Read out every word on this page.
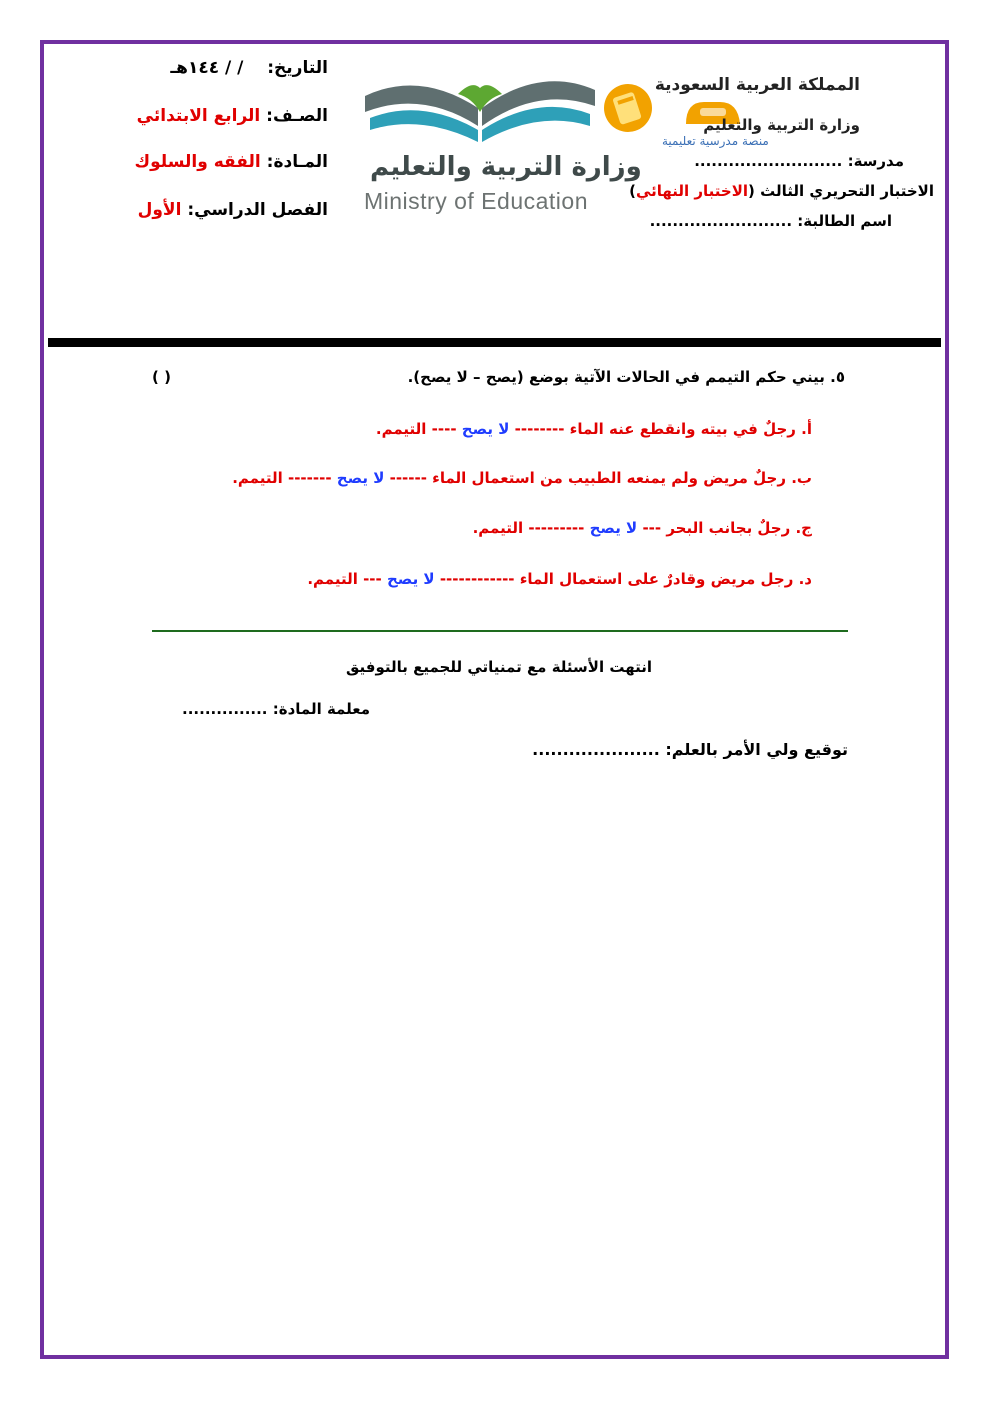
التاريخ:  / / ١٤٤هـ
الصـف: الرابع الابتدائي
المـادة: الفقه والسلوك
الفصل الدراسي: الأول
وزارة التربية والتعليم
Ministry of Education
المملكة العربية السعودية
وزارة التربية والتعليم
منصة مدرسية تعليمية
مدرسة: ..........................
الاختبار التحريري الثالث (الاختبار النهائي)
اسم الطالبة: .........................
٥. بيني حكم التيمم في الحالات الآتية بوضع (يصح – لا يصح).
( )
أ. رجلٌ في بيته وانقطع عنه الماء -------- لا يصح ---- التيمم.
ب. رجلٌ مريض ولم يمنعه الطبيب من استعمال الماء ------ لا يصح ------- التيمم.
ج. رجلٌ بجانب البحر --- لا يصح --------- التيمم.
د. رجل مريض وقادرٌ على استعمال الماء ------------ لا يصح --- التيمم.
انتهت الأسئلة مع تمنياتي للجميع بالتوفيق
معلمة المادة: ...............
توقيع ولي الأمر بالعلم: .....................
